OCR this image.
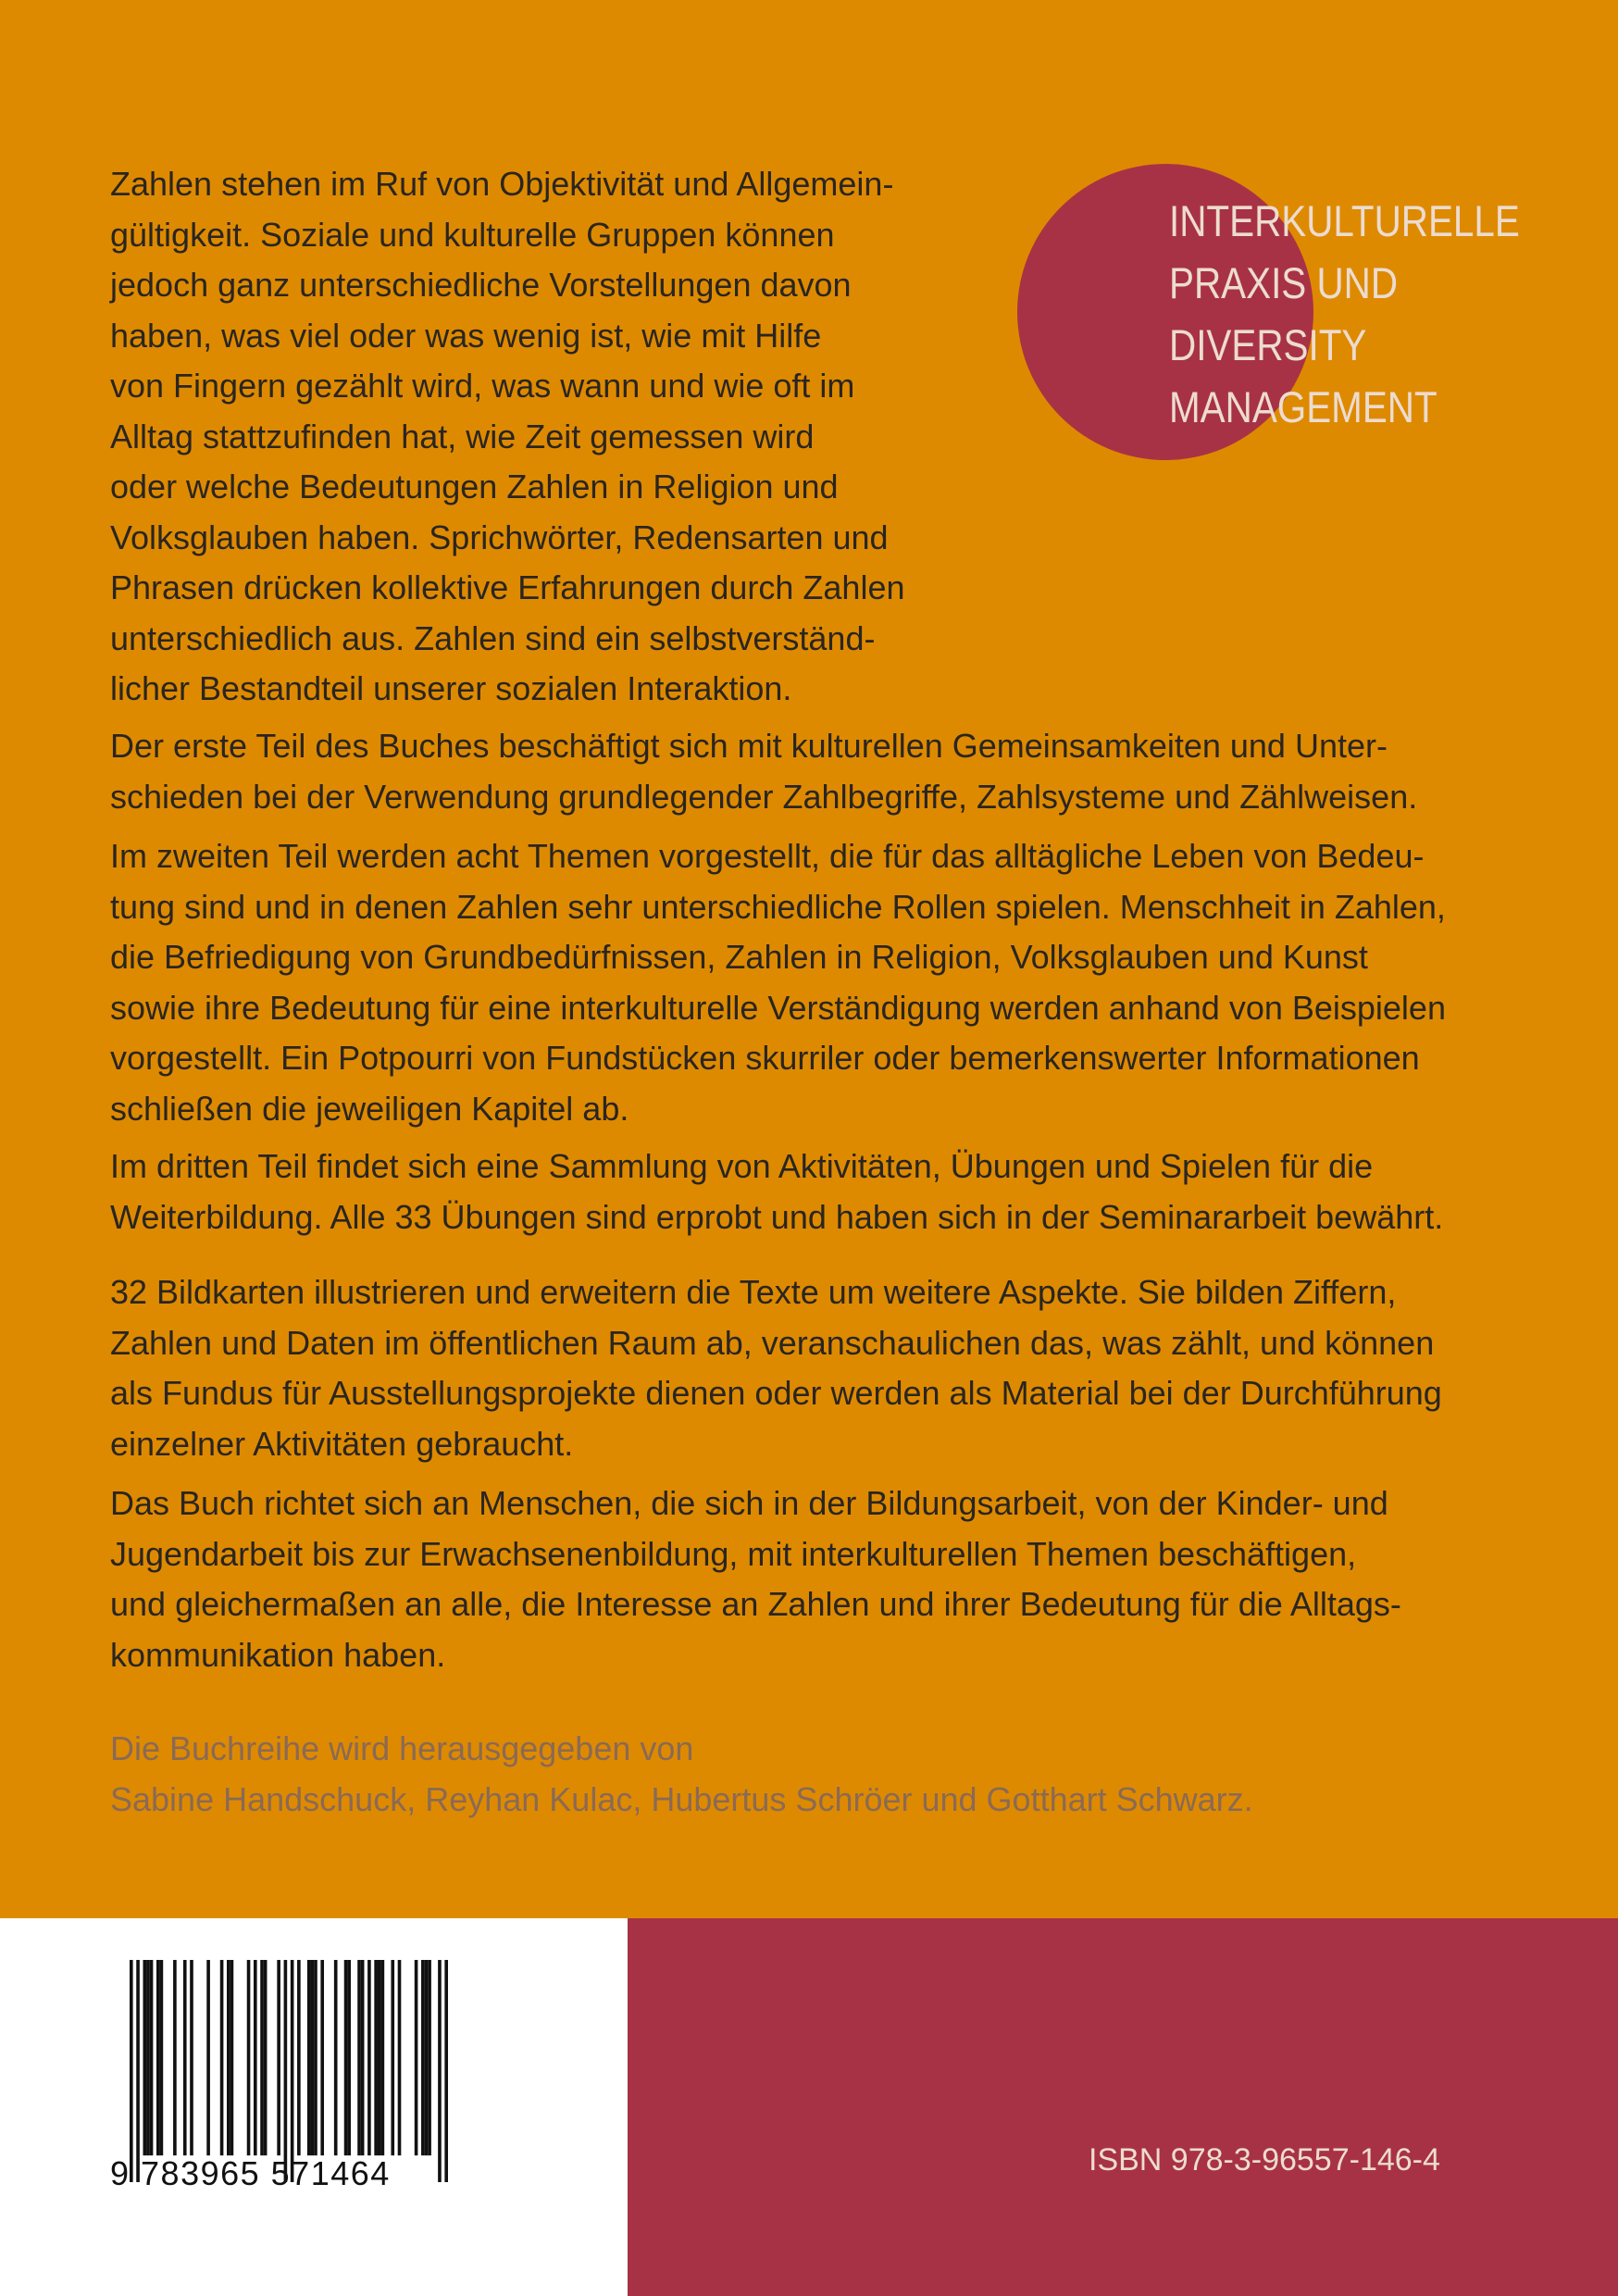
INTERKULTURELLE
PRAXIS UND
DIVERSITY
MANAGEMENT
Zahlen stehen im Ruf von Objektivität und Allgemein-
gültigkeit. Soziale und kulturelle Gruppen können
jedoch ganz unterschiedliche Vorstellungen davon
haben, was viel oder was wenig ist, wie mit Hilfe
von Fingern gezählt wird, was wann und wie oft im
Alltag stattzufinden hat, wie Zeit gemessen wird
oder welche Bedeutungen Zahlen in Religion und
Volksglauben haben. Sprichwörter, Redensarten und
Phrasen drücken kollektive Erfahrungen durch Zahlen
unterschiedlich aus. Zahlen sind ein selbstverständ-
licher Bestandteil unserer sozialen Interaktion.
Der erste Teil des Buches beschäftigt sich mit kulturellen Gemeinsamkeiten und Unter-
schieden bei der Verwendung grundlegender Zahlbegriffe, Zahlsysteme und Zählweisen.
Im zweiten Teil werden acht Themen vorgestellt, die für das alltägliche Leben von Bedeu-
tung sind und in denen Zahlen sehr unterschiedliche Rollen spielen. Menschheit in Zahlen,
die Befriedigung von Grundbedürfnissen, Zahlen in Religion, Volksglauben und Kunst
sowie ihre Bedeutung für eine interkulturelle Verständigung werden anhand von Beispielen
vorgestellt. Ein Potpourri von Fundstücken skurriler oder bemerkenswerter Informationen
schließen die jeweiligen Kapitel ab.
Im dritten Teil findet sich eine Sammlung von Aktivitäten, Übungen und Spielen für die
Weiterbildung. Alle 33 Übungen sind erprobt und haben sich in der Seminararbeit bewährt.
32 Bildkarten illustrieren und erweitern die Texte um weitere Aspekte. Sie bilden Ziffern,
Zahlen und Daten im öffentlichen Raum ab, veranschaulichen das, was zählt, und können
als Fundus für Ausstellungsprojekte dienen oder werden als Material bei der Durchführung
einzelner Aktivitäten gebraucht.
Das Buch richtet sich an Menschen, die sich in der Bildungsarbeit, von der Kinder- und
Jugendarbeit bis zur Erwachsenenbildung, mit interkulturellen Themen beschäftigen,
und gleichermaßen an alle, die Interesse an Zahlen und ihrer Bedeutung für die Alltags-
kommunikation haben.
Die Buchreihe wird herausgegeben von
Sabine Handschuck, Reyhan Kulac, Hubertus Schröer und Gotthart Schwarz.
9 783965 571464	ISBN 978-3-96557-146-4
